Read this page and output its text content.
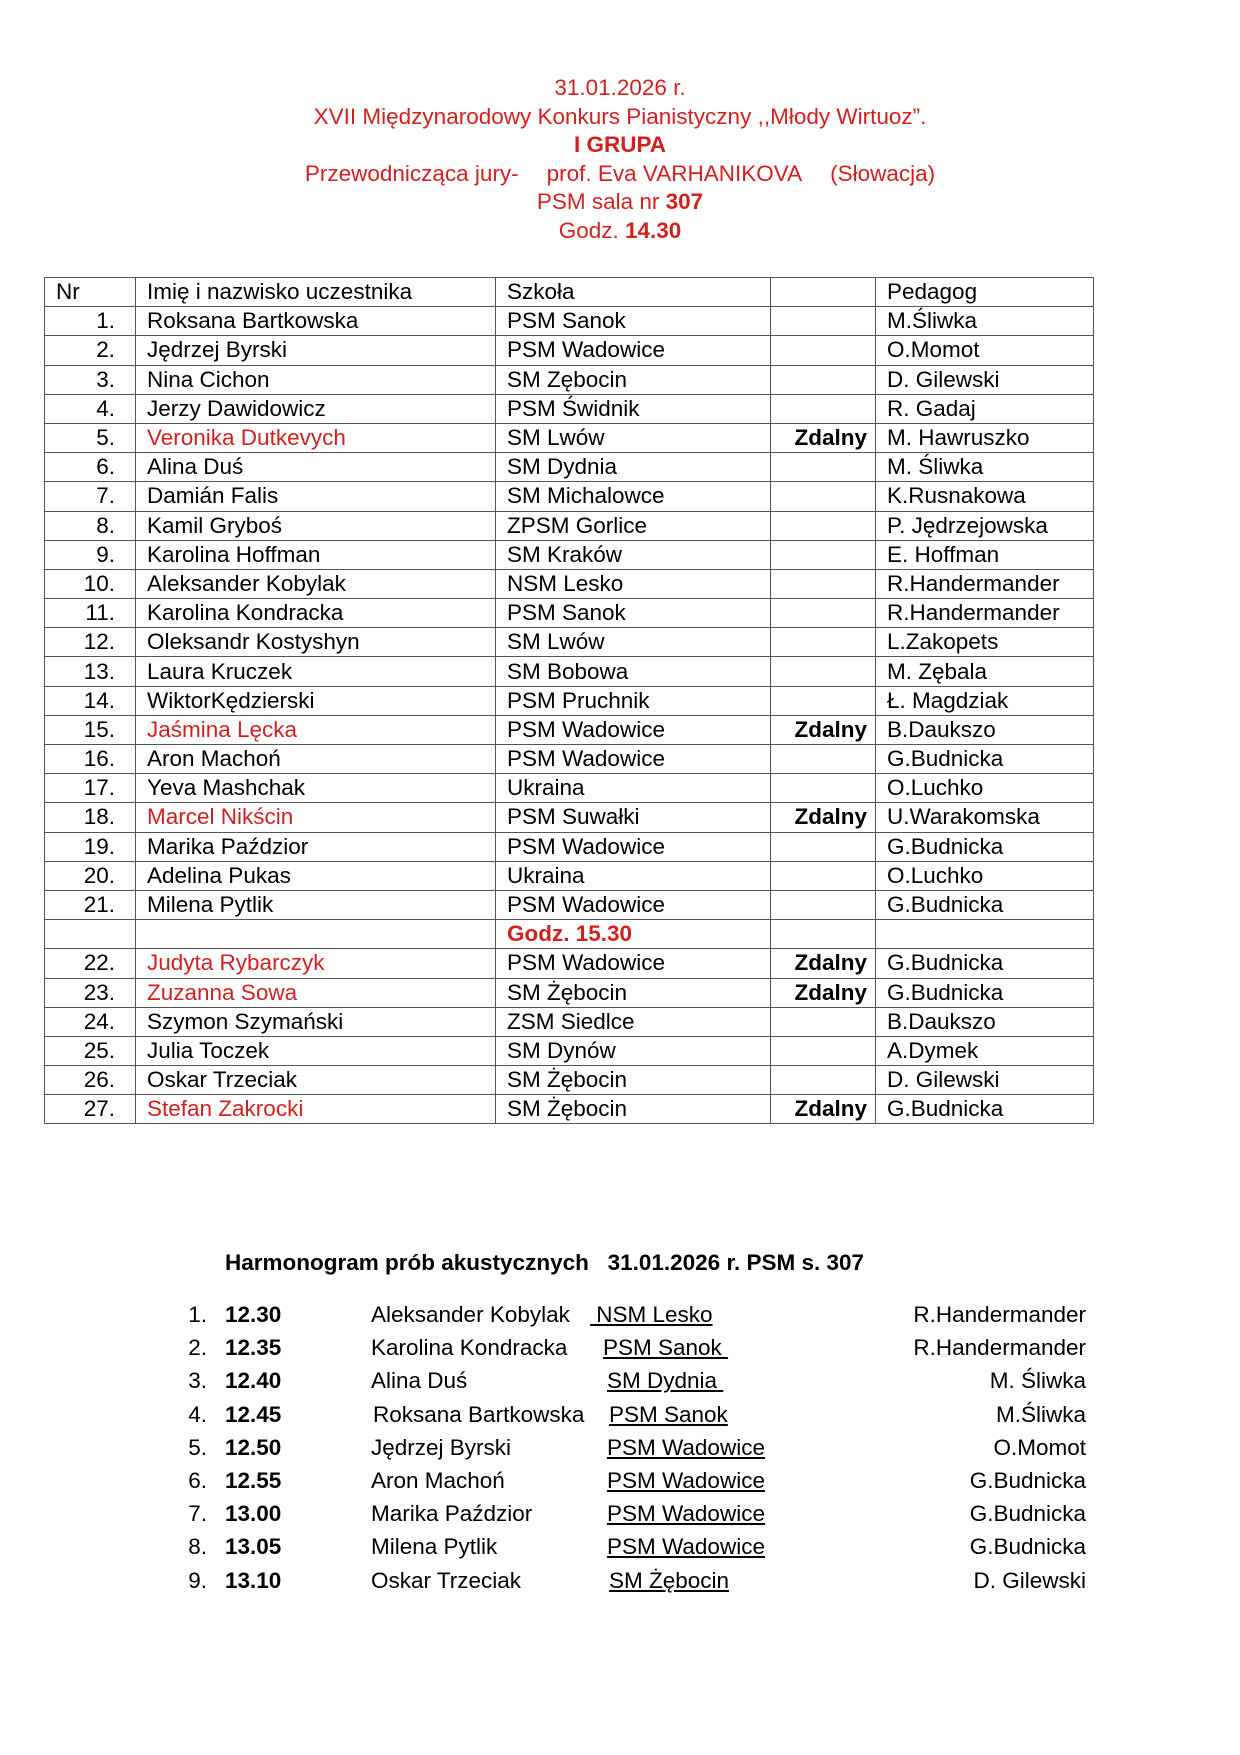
31.01.2026 r.
XVII Międzynarodowy Konkurs Pianistyczny ,,Młody Wirtuoz”.
I GRUPA
Przewodnicząca jury- prof. Eva VARHANIKOVA (Słowacja)
PSM sala nr 307
Godz. 14.30
Nr	Imię i nazwisko uczestnika	Szkoła		Pedagog
1.	Roksana Bartkowska	PSM Sanok		M.Śliwka
2.	Jędrzej Byrski	PSM Wadowice		O.Momot
3.	Nina Cichon	SM Zębocin		D. Gilewski
4.	Jerzy Dawidowicz	PSM Świdnik		R. Gadaj
5.	Veronika Dutkevych	SM Lwów	Zdalny	M. Hawruszko
6.	Alina Duś	SM Dydnia		M. Śliwka
7.	Damián Falis	SM Michalowce		K.Rusnakowa
8.	Kamil Gryboś	ZPSM Gorlice		P. Jędrzejowska
9.	Karolina Hoffman	SM Kraków		E. Hoffman
10.	Aleksander Kobylak	NSM Lesko		R.Handermander
11.	Karolina Kondracka	PSM Sanok		R.Handermander
12.	Oleksandr Kostyshyn	SM Lwów		L.Zakopets
13.	Laura Kruczek	SM Bobowa		M. Zębala
14.	WiktorKędzierski	PSM Pruchnik		Ł. Magdziak
15.	Jaśmina Lęcka	PSM Wadowice	Zdalny	B.Daukszo
16.	Aron Machoń	PSM Wadowice		G.Budnicka
17.	Yeva Mashchak	Ukraina		O.Luchko
18.	Marcel Nikścin	PSM Suwałki	Zdalny	U.Warakomska
19.	Marika Paździor	PSM Wadowice		G.Budnicka
20.	Adelina Pukas	Ukraina		O.Luchko
21.	Milena Pytlik	PSM Wadowice		G.Budnicka
		Godz. 15.30		
22.	Judyta Rybarczyk	PSM Wadowice	Zdalny	G.Budnicka
23.	Zuzanna Sowa	SM Żębocin	Zdalny	G.Budnicka
24.	Szymon Szymański	ZSM Siedlce		B.Daukszo
25.	Julia Toczek	SM Dynów		A.Dymek
26.	Oskar Trzeciak	SM Żębocin		D. Gilewski
27.	Stefan Zakrocki	SM Żębocin	Zdalny	G.Budnicka
Harmonogram prób akustycznych   31.01.2026 r. PSM s. 307
1. 12.30	Aleksander Kobylak NSM Lesko	R.Handermander
2. 12.35	Karolina Kondracka PSM Sanok	R.Handermander
3. 12.40	Alina Duś	SM Dydnia	M. Śliwka
4. 12.45	Roksana Bartkowska PSM Sanok	M.Śliwka
5. 12.50	Jędrzej Byrski	PSM Wadowice	O.Momot
6. 12.55	Aron Machoń	PSM Wadowice	G.Budnicka
7. 13.00	Marika Paździor	PSM Wadowice	G.Budnicka
8. 13.05	Milena Pytlik	PSM Wadowice	G.Budnicka
9. 13.10	Oskar Trzeciak	SM Żębocin	D. Gilewski
